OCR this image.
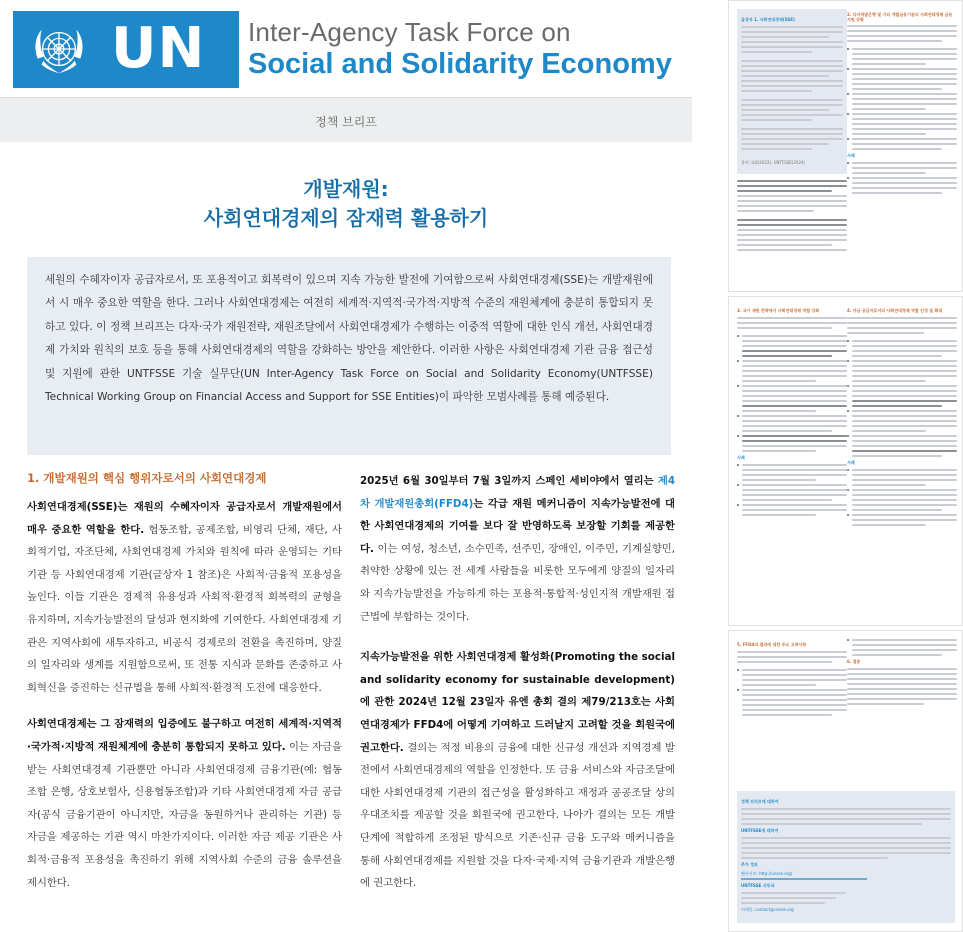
UN Inter-Agency Task Force on
Social and Solidarity Economy
정책 브리프
개발재원:
사회연대경제의 잠재력 활용하기

세원의 수혜자이자 공급자로서, 또 포용적이고 회복력이 있으며 지속 가능한 발전에 기여함으로써 사회연대경제(SSE)는 개발재원에서 시 매우 중요한 역할을 한다. 그러나 사회연대경제는 여전히 세계적·지역적·국가적·지방적 수준의 재원체계에 충분히 통합되지 못하고 있다. 이 정책 브리프는 다자·국가 재원전략, 재원조달에서 사회연대경제가 수행하는 이중적 역할에 대한 인식 개선, 사회연대경제 가치와 원칙의 보호 등을 통해 사회연대경제의 역할을 강화하는 방안을 제안한다. 이러한 사항은 사회연대경제 기관 금융 접근성 및 지원에 관한 UNTFSSE 기술 실무단(UN Inter-Agency Task Force on Social and Solidarity Economy(UNTFSSE) Technical Working Group on Financial Access and Support for SSE Entities)이 파악한 모범사례를 통해 예증된다.

1. 개발재원의 핵심 행위자로서의 사회연대경제

사회연대경제(SSE)는 재원의 수혜자이자 공급자로서 개발재원에서 매우 중요한 역할을 한다. 협동조합, 공제조합, 비영리 단체, 재단, 사회적기업, 자조단체, 사회연대경제 가치와 원칙에 따라 운영되는 기타 기관 등 사회연대경제 기관(글상자 1 참조)은 사회적·금융적 포용성을 높인다. 이들 기관은 경제적 유용성과 사회적·환경적 회복력의 균형을 유지하며, 지속가능발전의 달성과 현지화에 기여한다. 사회연대경제 기관은 지역사회에 새투자하고, 비공식 경제로의 전환을 촉진하며, 양질의 일자리와 생계를 지원함으로써, 또 전통 지식과 문화를 존중하고 사회혁신을 증진하는 신규법을 통해 사회적·환경적 도전에 대응한다.

사회연대경제는 그 잠재력의 입증에도 불구하고 여전히 세계적·지역적·국가적·지방적 재원체계에 충분히 통합되지 못하고 있다. 이는 자금을 받는 사회연대경제 기관뿐만 아니라 사회연대경제 금융기관(예: 협동조합 은행, 상호보험사, 신용협동조합)과 기타 사회연대경제 자금 공급자(공식 금융기관이 아니지만, 자금을 동원하거나 관리하는 기관) 등 자금을 제공하는 기관 역시 마찬가지이다. 이러한 자금 제공 기관은 사회적·금융적 포용성을 촉진하기 위해 지역사회 수준의 금융 솔루션을 제시한다.

2025년 6월 30일부터 7월 3일까지 스페인 세비야에서 열리는 제4차 개발재원총회(FFD4)는 각급 재원 메커니즘이 지속가능발전에 대한 사회연대경제의 기여를 보다 잘 반영하도록 보장할 기회를 제공한다. 이는 여성, 청소년, 소수민족, 선주민, 장애인, 이주민, 기계실향민, 취약한 상황에 있는 전 세계 사람들을 비롯한 모두에게 양질의 일자리와 지속가능발전을 가능하게 하는 포용적·통합적·성인지적 개발재원 접근법에 부합하는 것이다.

지속가능발전을 위한 사회연대경제 활성화(Promoting the social and solidarity economy for sustainable development)에 관한 2024년 12월 23일자 유엔 총회 결의 제79/213호는 사회연대경제가 FFD4에 어떻게 기여하고 드러날지 고려할 것을 회원국에 권고한다. 결의는 적정 비용의 금융에 대한 신규성 개선과 지역경제 발전에서 사회연대경제의 역할을 인정한다. 또 금융 서비스와 자금조달에 대한 사회연대경제 기관의 접근성을 활성화하고 재정과 공공조달 상의 우대조치를 제공할 것을 회원국에 권고한다. 나아가 결의는 모든 개발 단계에 적합하게 조정된 방식으로 기존·신규 금융 도구와 메커니즘을 통해 사회연대경제를 지원할 것을 다자·국제·지역 금융기관과 개발은행에 권고한다.

글상자 1. 사회연대경제(SSE)
출처: ILO(2022), UNTFSSE(2024)
2. 다자개발은행 및 기타 개발금융기관의 사회연대경제 금융 지원 강화
사례
3. 국가 재원 전략에서 사회연대경제 역할 강화
사례
4. 자금 공급자로서의 사회연대경제 역할 인정 및 확대
사례
5. FFD4의 결과에 대한 주요 고려사항
6. 결론
정책 브리프에 대하여
UNTFSSE에 대하여
추가 정보
웹사이트: http://unsse.org/
UNTFSSE 사무국
이메일: contact@unsse.org
